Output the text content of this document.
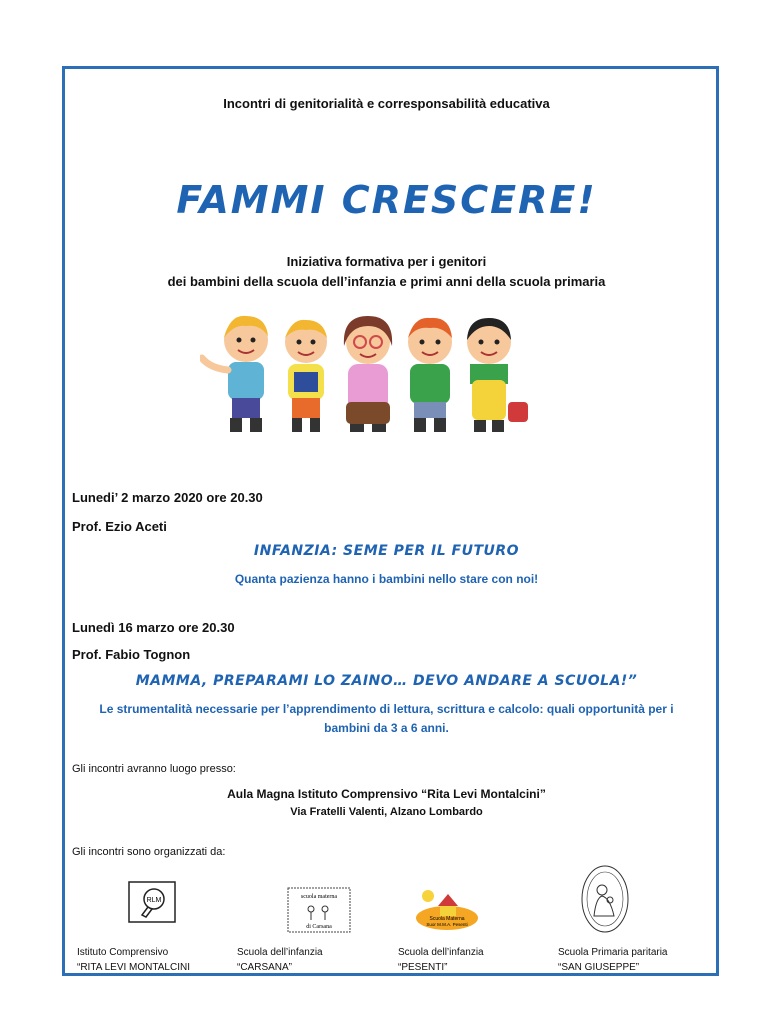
Incontri di genitorialità e corresponsabilità educativa
FAMMI CRESCERE!
Iniziativa formativa per i genitori
dei bambini della scuola dell’infanzia e primi anni della scuola primaria
Lunedi’ 2 marzo 2020 ore 20.30
Prof. Ezio Aceti
INFANZIA: SEME PER IL FUTURO
Quanta pazienza hanno i bambini nello stare con noi!
Lunedì 16 marzo ore 20.30
Prof. Fabio Tognon
MAMMA, PREPARAMI LO ZAINO… DEVO ANDARE A SCUOLA!”
Le strumentalità necessarie per l’apprendimento di lettura, scrittura e calcolo: quali opportunità per i
bambini da 3 a 6 anni.
Gli incontri avranno luogo presso:
Aula Magna Istituto Comprensivo “Rita Levi Montalcini”
Via Fratelli Valenti, Alzano Lombardo
Gli incontri sono organizzati da:
RLM	scuola materna
di Carsana
Scuola Materna
Suor M.M.A. Pesenti
Istituto Comprensivo
“RITA LEVI MONTALCINI
Scuola dell’infanzia
“CARSANA”
Scuola dell’infanzia
“PESENTI”
Scuola Primaria paritaria
“SAN GIUSEPPE”
